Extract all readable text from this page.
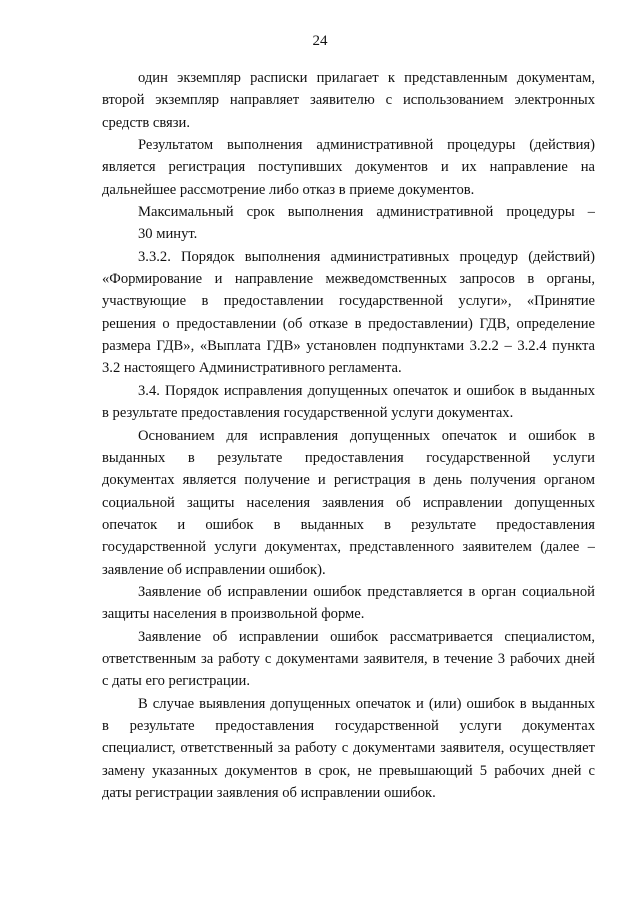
24
один экземпляр расписки прилагает к представленным документам,
второй экземпляр направляет заявителю с использованием электронных
средств связи.
Результатом выполнения административной процедуры (действия)
является регистрация поступивших документов и их направление на
дальнейшее рассмотрение либо отказ в приеме документов.
Максимальный срок выполнения административной процедуры –
30 минут.
3.3.2. Порядок выполнения административных процедур (действий)
«Формирование и направление межведомственных запросов в органы,
участвующие в предоставлении государственной услуги», «Принятие
решения о предоставлении (об отказе в предоставлении) ГДВ, определение
размера ГДВ», «Выплата ГДВ» установлен подпунктами 3.2.2 – 3.2.4 пункта
3.2 настоящего Административного регламента.
3.4. Порядок исправления допущенных опечаток и ошибок в выданных
в результате предоставления государственной услуги документах.
Основанием для исправления допущенных опечаток и ошибок в
выданных в результате предоставления государственной услуги
документах является получение и регистрация в день получения органом
социальной защиты населения заявления об исправлении допущенных
опечаток и ошибок в выданных в результате предоставления
государственной услуги документах, представленного заявителем (далее –
заявление об исправлении ошибок).
Заявление об исправлении ошибок представляется в орган социальной
защиты населения в произвольной форме.
Заявление об исправлении ошибок рассматривается специалистом,
ответственным за работу с документами заявителя, в течение 3 рабочих дней
с даты его регистрации.
В случае выявления допущенных опечаток и (или) ошибок в выданных
в результате предоставления государственной услуги документах
специалист, ответственный за работу с документами заявителя, осуществляет
замену указанных документов в срок, не превышающий 5 рабочих дней с
даты регистрации заявления об исправлении ошибок.
